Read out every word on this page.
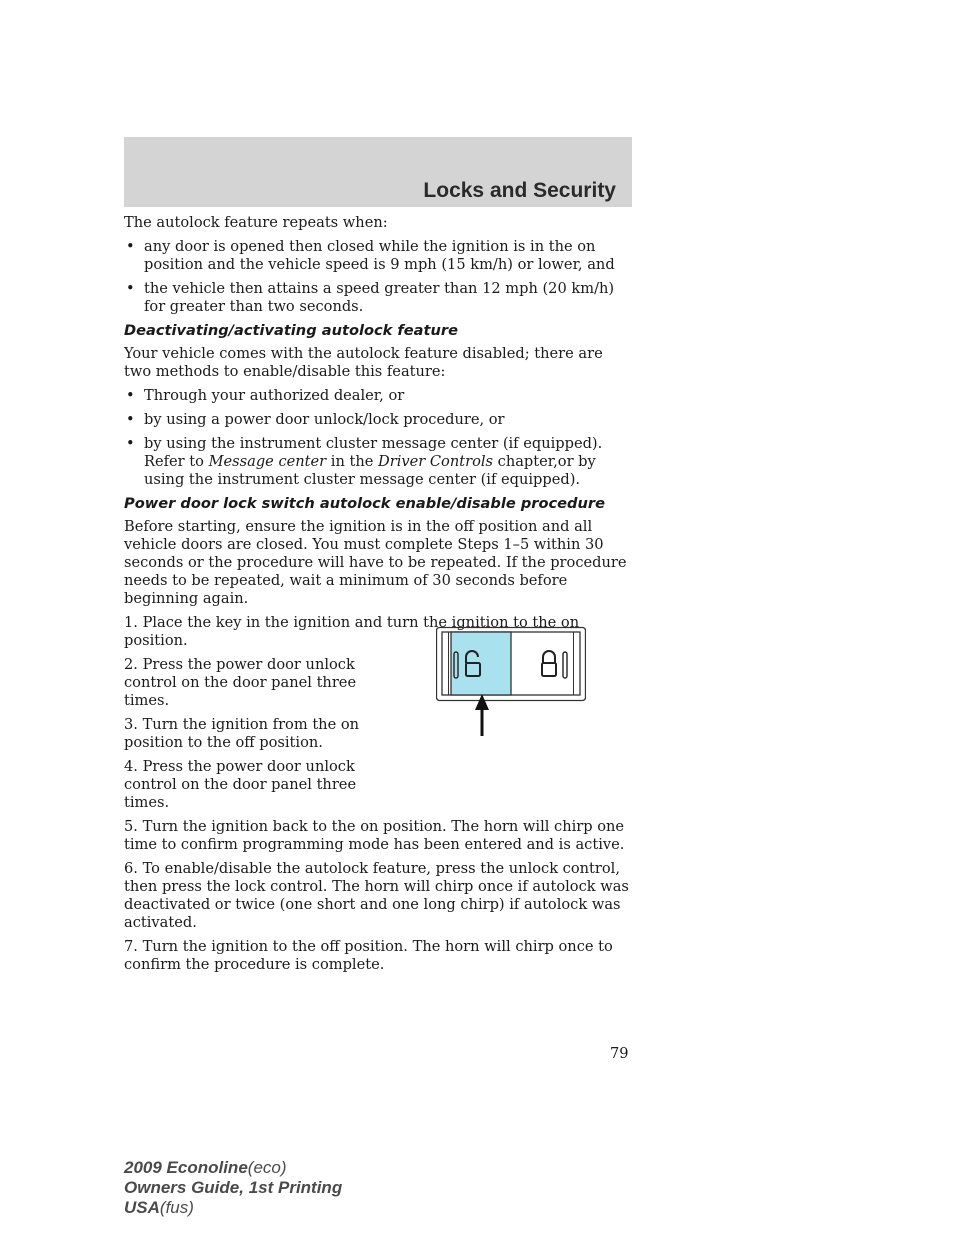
Locks and Security

The autolock feature repeats when:

• any door is opened then closed while the ignition is in the on position and the vehicle speed is 9 mph (15 km/h) or lower, and
• the vehicle then attains a speed greater than 12 mph (20 km/h) for greater than two seconds.
Deactivating/activating autolock feature

Your vehicle comes with the autolock feature disabled; there are two methods to enable/disable this feature:

• Through your authorized dealer, or
• by using a power door unlock/lock procedure, or
• by using the instrument cluster message center (if equipped). Refer to Message center in the Driver Controls chapter,or by using the instrument cluster message center (if equipped).
Power door lock switch autolock enable/disable procedure

Before starting, ensure the ignition is in the off position and all vehicle doors are closed. You must complete Steps 1–5 within 30 seconds or the procedure will have to be repeated. If the procedure needs to be repeated, wait a minimum of 30 seconds before beginning again.

1. Place the key in the ignition and turn the ignition to the on position.

2. Press the power door unlock control on the door panel three times.

3. Turn the ignition from the on position to the off position.

4. Press the power door unlock control on the door panel three times.

5. Turn the ignition back to the on position. The horn will chirp one time to confirm programming mode has been entered and is active.

6. To enable/disable the autolock feature, press the unlock control, then press the lock control. The horn will chirp once if autolock was deactivated or twice (one short and one long chirp) if autolock was activated.

7. Turn the ignition to the off position. The horn will chirp once to confirm the procedure is complete.

79
2009 Econoline(eco)
Owners Guide, 1st Printing
USA(fus)
